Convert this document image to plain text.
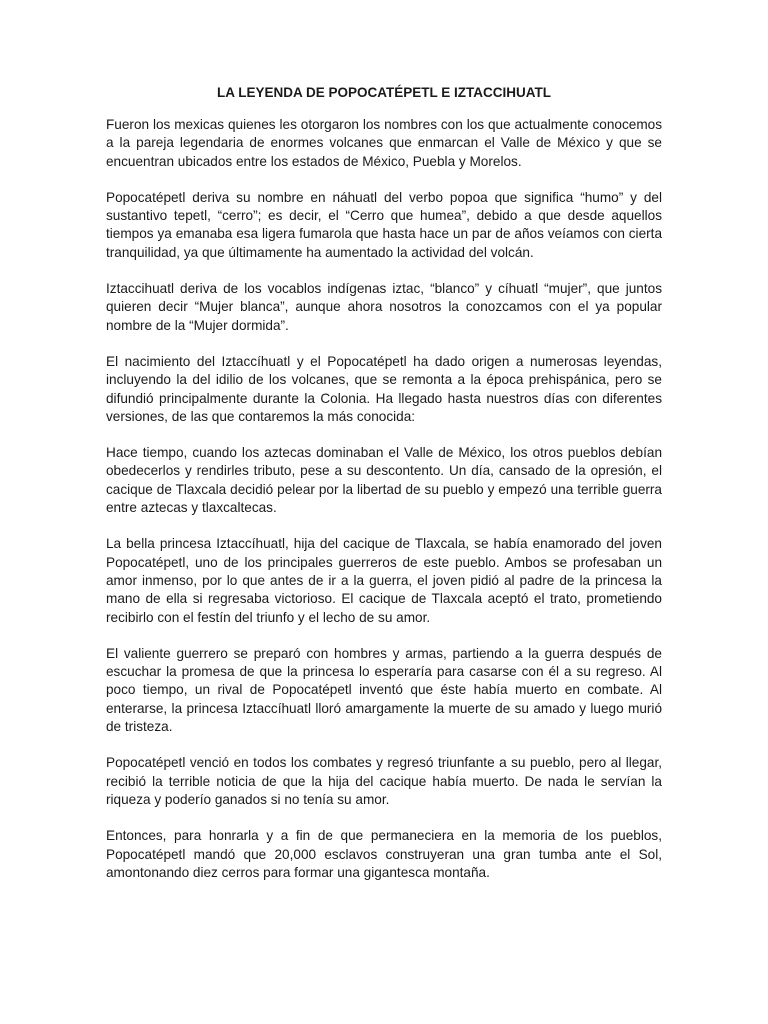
LA LEYENDA DE POPOCATÉPETL E IZTACCIHUATL

Fueron los mexicas quienes les otorgaron los nombres con los que actualmente conocemos a la pareja legendaria de enormes volcanes que enmarcan el Valle de México y que se encuentran ubicados entre los estados de México, Puebla y Morelos.

Popocatépetl deriva su nombre en náhuatl del verbo popoa que significa “humo” y del sustantivo tepetl, “cerro”; es decir, el “Cerro que humea”, debido a que desde aquellos tiempos ya emanaba esa ligera fumarola que hasta hace un par de años veíamos con cierta tranquilidad, ya que últimamente ha aumentado la actividad del volcán.

Iztaccihuatl deriva de los vocablos indígenas iztac, “blanco” y cíhuatl “mujer”, que juntos quieren decir “Mujer blanca”, aunque ahora nosotros la conozcamos con el ya popular nombre de la “Mujer dormida”.

El nacimiento del Iztaccíhuatl y el Popocatépetl ha dado origen a numerosas leyendas, incluyendo la del idilio de los volcanes, que se remonta a la época prehispánica, pero se difundió principalmente durante la Colonia. Ha llegado hasta nuestros días con diferentes versiones, de las que contaremos la más conocida:

Hace tiempo, cuando los aztecas dominaban el Valle de México, los otros pueblos debían obedecerlos y rendirles tributo, pese a su descontento. Un día, cansado de la opresión, el cacique de Tlaxcala decidió pelear por la libertad de su pueblo y empezó una terrible guerra entre aztecas y tlaxcaltecas.

La bella princesa Iztaccíhuatl, hija del cacique de Tlaxcala, se había enamorado del joven Popocatépetl, uno de los principales guerreros de este pueblo. Ambos se profesaban un amor inmenso, por lo que antes de ir a la guerra, el joven pidió al padre de la princesa la mano de ella si regresaba victorioso. El cacique de Tlaxcala aceptó el trato, prometiendo recibirlo con el festín del triunfo y el lecho de su amor.

El valiente guerrero se preparó con hombres y armas, partiendo a la guerra después de escuchar la promesa de que la princesa lo esperaría para casarse con él a su regreso. Al poco tiempo, un rival de Popocatépetl inventó que éste había muerto en combate. Al enterarse, la princesa Iztaccíhuatl lloró amargamente la muerte de su amado y luego murió de tristeza.

Popocatépetl venció en todos los combates y regresó triunfante a su pueblo, pero al llegar, recibió la terrible noticia de que la hija del cacique había muerto. De nada le servían la riqueza y poderío ganados si no tenía su amor.

Entonces, para honrarla y a fin de que permaneciera en la memoria de los pueblos, Popocatépetl mandó que 20,000 esclavos construyeran una gran tumba ante el Sol, amontonando diez cerros para formar una gigantesca montaña.
